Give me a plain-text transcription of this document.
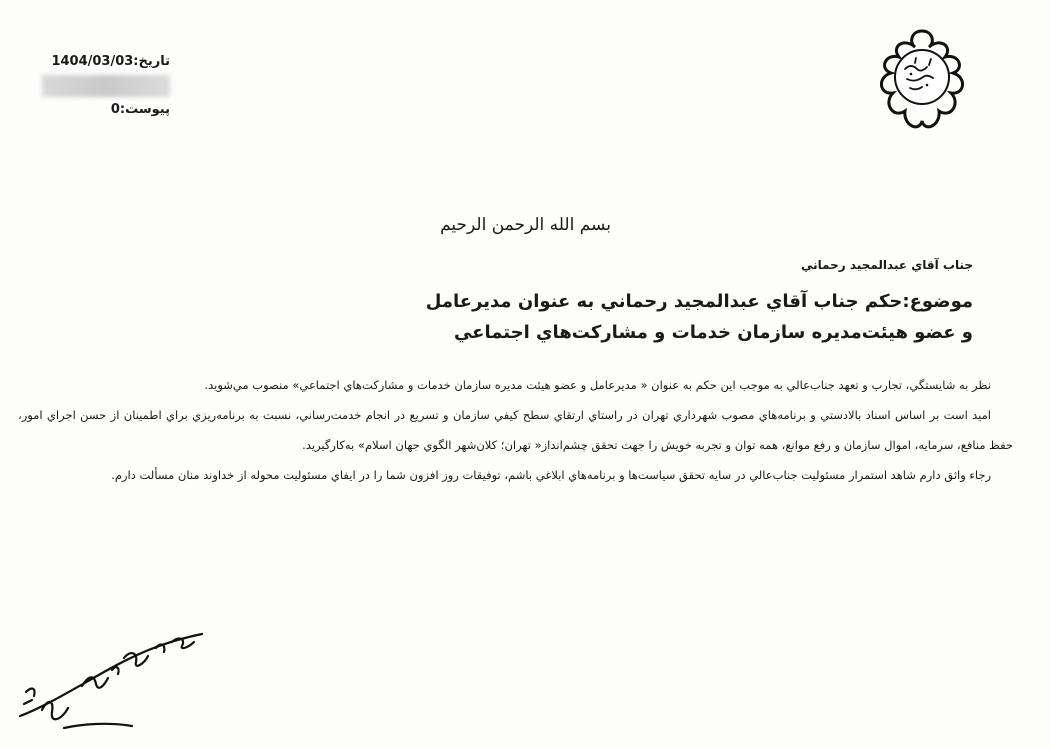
تاريخ:1404/03/03
پيوست:0
بسم الله الرحمن الرحيم
جناب آقاي عبدالمجيد رحماني
موضوع:حكم جناب آقاي عبدالمجيد رحماني به عنوان مديرعامل و عضو هيئت‌مديره سازمان خدمات و مشاركت‌هاي اجتماعي

نظر به شايستگي، تجارب و تعهد جناب‌عالي به موجب اين حكم به عنوان « مديرعامل و عضو هيئت مديره سازمان خدمات و مشاركت‌هاي اجتماعي» منصوب مي‌شويد.

اميد است بر اساس اسناد بالادستي و برنامه‌هاي مصوب شهرداري تهران در راستاي ارتقاي سطح كيفي سازمان و تسريع در انجام خدمت‌رساني، نسبت به برنامه‌ريزي براي اطمينان از حسن اجراي امور، حفظ منافع، سرمايه، اموال سازمان و رفع موانع، همه توان و تجربه خويش را جهت تحقق چشم‌انداز« تهران؛ كلان‌شهر الگوي جهان اسلام» به‌كارگيريد.

رجاء واثق دارم شاهد استمرار مسئوليت جناب‌عالي در سايه تحقق سياست‌ها و برنامه‌هاي ابلاغي باشم، توفيقات روز افزون شما را در ايفاي مسئوليت محوله از خداوند منان مسألت دارم.
